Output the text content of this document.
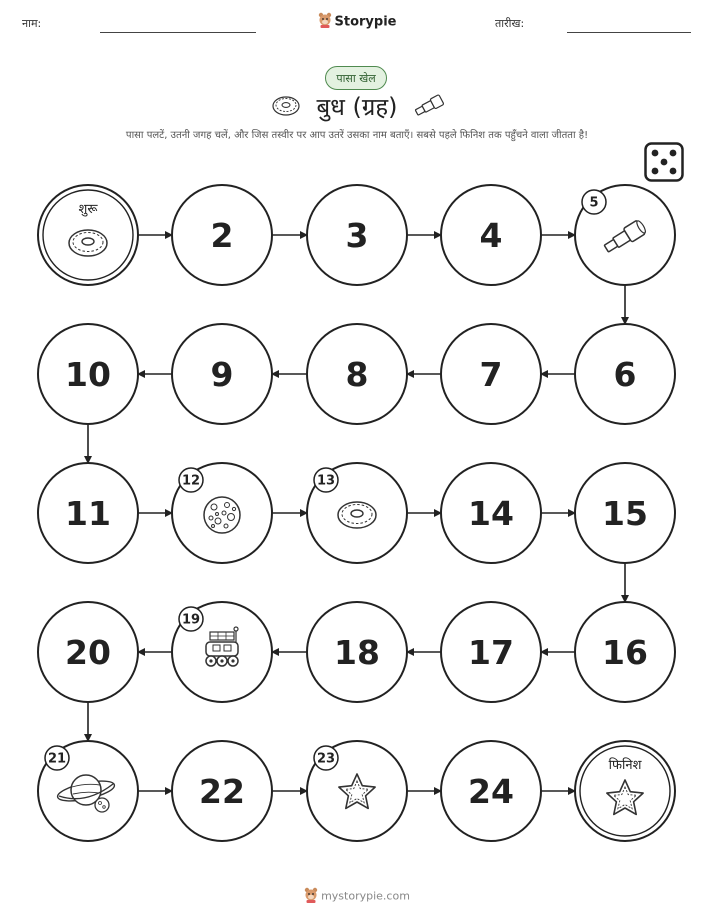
नाम:	Storypie	तारीख:
पासा खेल
बुध (ग्रह)
पासा पलटें, उतनी जगह चलें, और जिस तस्वीर पर आप उतरें उसका नाम बताएँ। सबसे पहले फिनिश तक पहुँचने वाला जीतता है!
शुरू
2	3	4
5
6
7
8
9
10
11
12	13
14	15
16
17
18
19
20
21
22
23
24
फिनिश
mystorypie.com
